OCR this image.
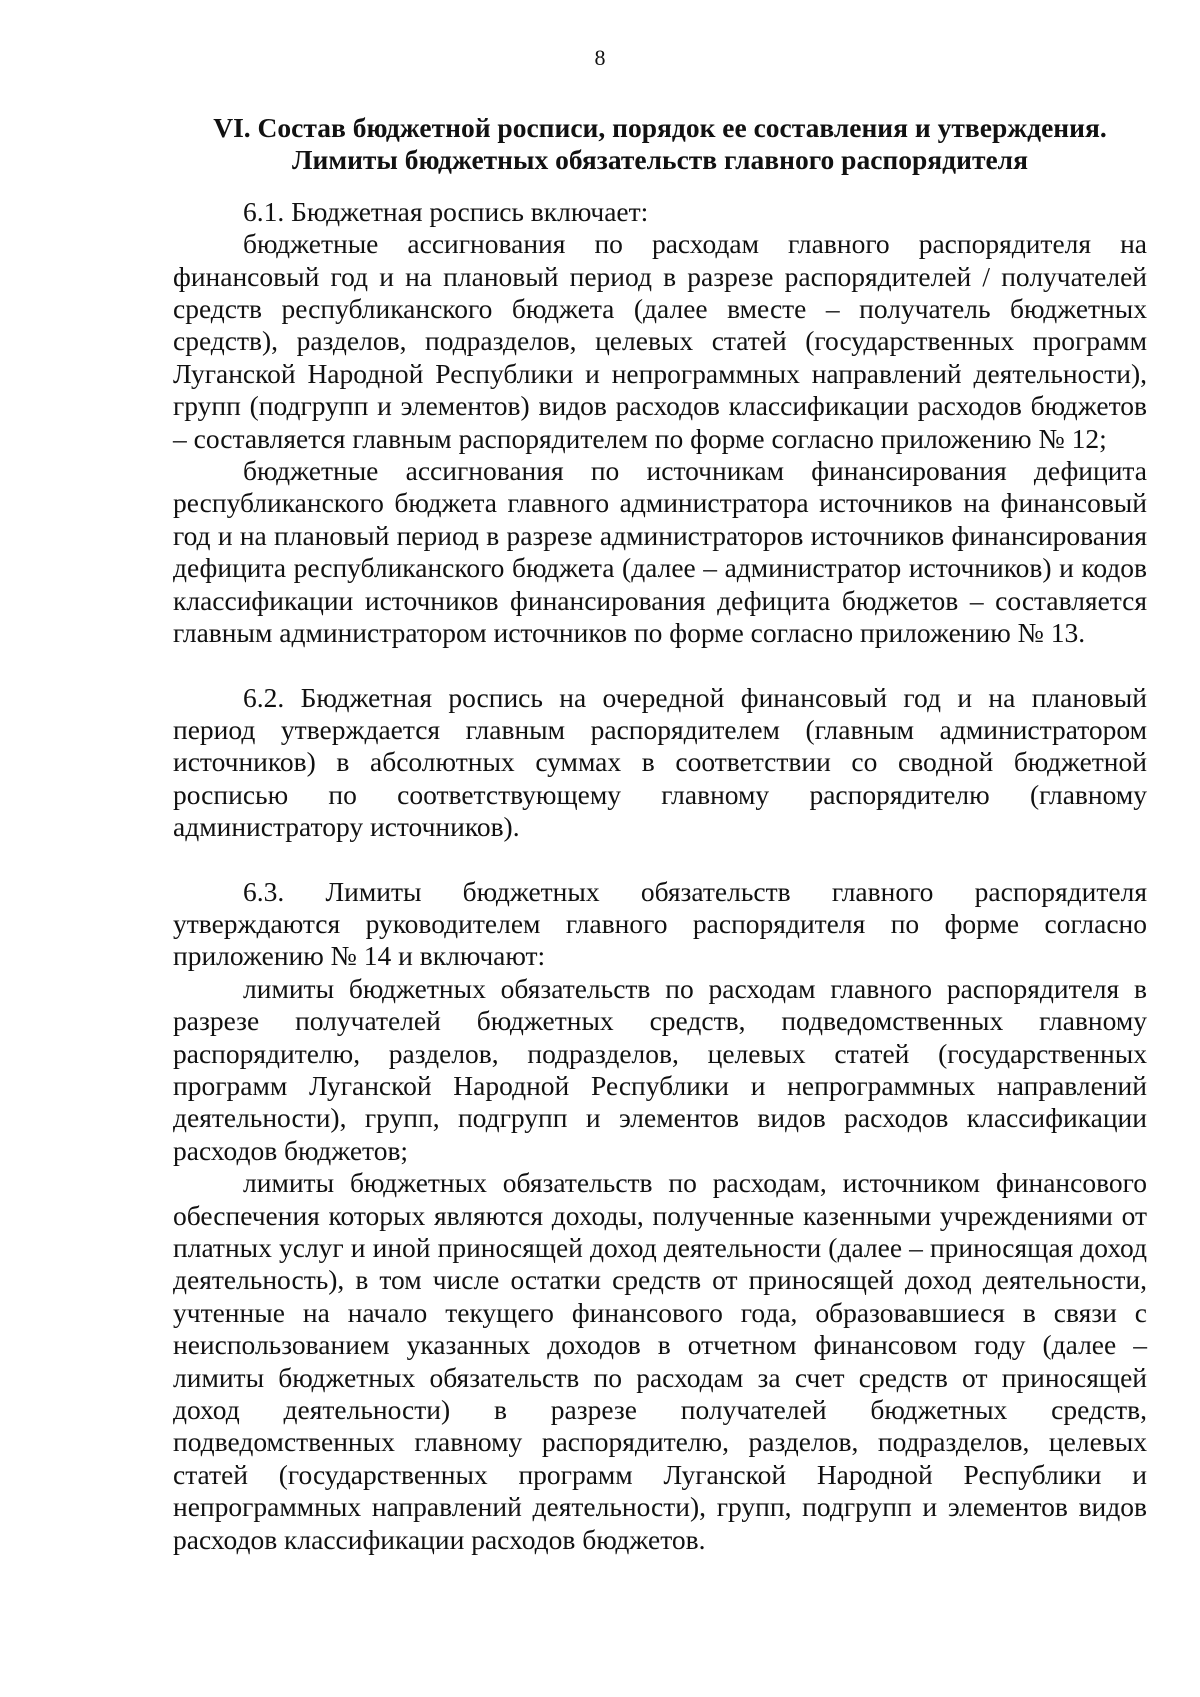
8
VI. Состав бюджетной росписи, порядок ее составления и утверждения.
Лимиты бюджетных обязательств главного распорядителя

6.1. Бюджетная роспись включает:

бюджетные ассигнования по расходам главного распорядителя на финансовый год и на плановый период в разрезе распорядителей / получателей средств республиканского бюджета (далее вместе – получатель бюджетных средств), разделов, подразделов, целевых статей (государственных программ Луганской Народной Республики и непрограммных направлений деятельности), групп (подгрупп и элементов) видов расходов классификации расходов бюджетов – составляется главным распорядителем по форме согласно приложению № 12;

бюджетные ассигнования по источникам финансирования дефицита республиканского бюджета главного администратора источников на финансовый год и на плановый период в разрезе администраторов источников финансирования дефицита республиканского бюджета (далее – администратор источников) и кодов классификации источников финансирования дефицита бюджетов – составляется главным администратором источников по форме согласно приложению № 13.

6.2. Бюджетная роспись на очередной финансовый год и на плановый период утверждается главным распорядителем (главным администратором источников) в абсолютных суммах в соответствии со сводной бюджетной росписью по соответствующему главному распорядителю (главному администратору источников).

6.3. Лимиты бюджетных обязательств главного распорядителя утверждаются руководителем главного распорядителя по форме согласно приложению № 14 и включают:

лимиты бюджетных обязательств по расходам главного распорядителя в разрезе получателей бюджетных средств, подведомственных главному распорядителю, разделов, подразделов, целевых статей (государственных программ Луганской Народной Республики и непрограммных направлений деятельности), групп, подгрупп и элементов видов расходов классификации расходов бюджетов;

лимиты бюджетных обязательств по расходам, источником финансового обеспечения которых являются доходы, полученные казенными учреждениями от платных услуг и иной приносящей доход деятельности (далее – приносящая доход деятельность), в том числе остатки средств от приносящей доход деятельности, учтенные на начало текущего финансового года, образовавшиеся в связи с неиспользованием указанных доходов в отчетном финансовом году (далее – лимиты бюджетных обязательств по расходам за счет средств от приносящей доход деятельности) в разрезе получателей бюджетных средств, подведомственных главному распорядителю, разделов, подразделов, целевых статей (государственных программ Луганской Народной Республики и непрограммных направлений деятельности), групп, подгрупп и элементов видов расходов классификации расходов бюджетов.
